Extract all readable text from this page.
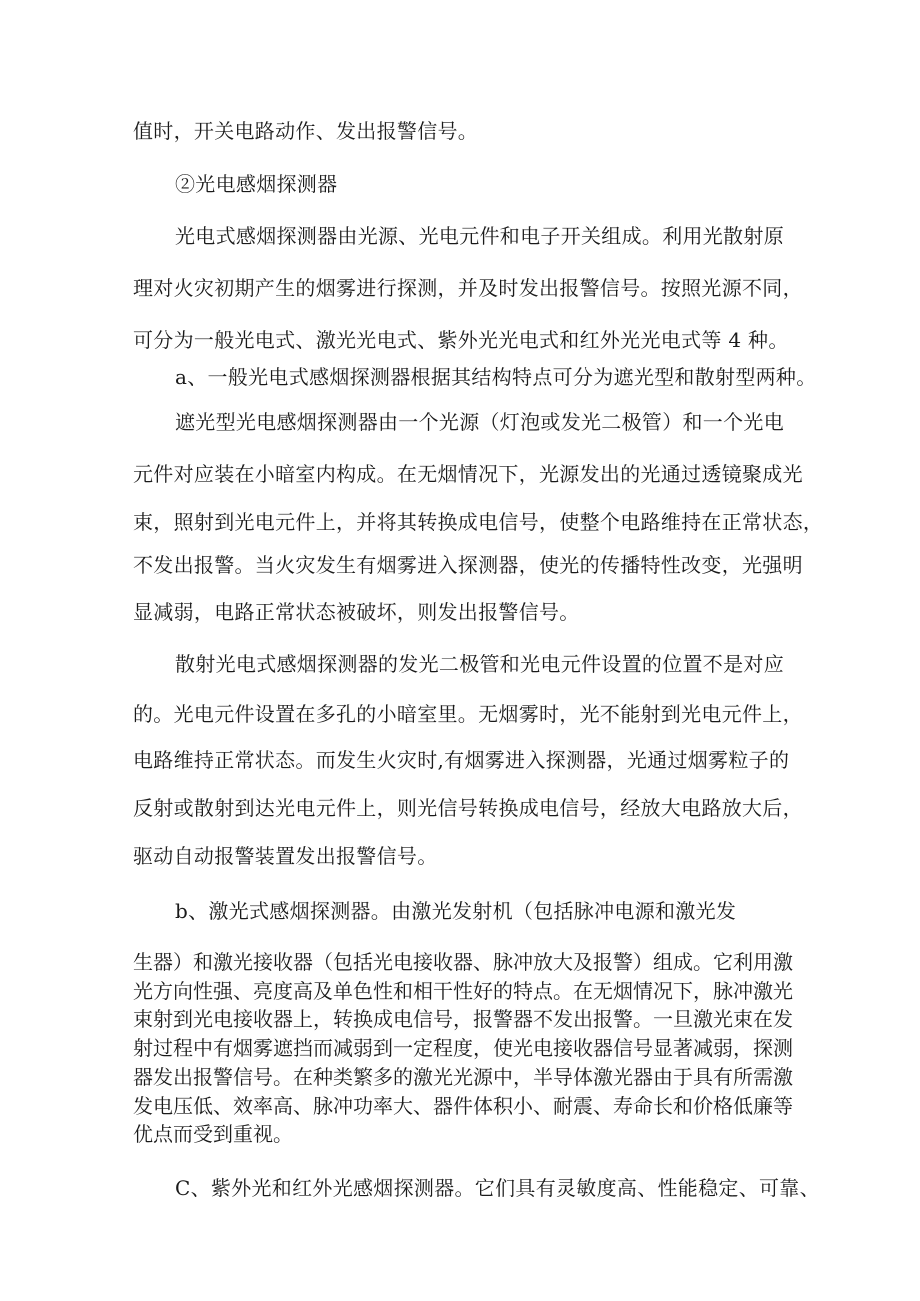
值时，开关电路动作、发出报警信号。
②光电感烟探测器
光电式感烟探测器由光源、光电元件和电子开关组成。利用光散射原
理对火灾初期产生的烟雾进行探测，并及时发出报警信号。按照光源不同，
可分为一般光电式、激光光电式、紫外光光电式和红外光光电式等 4 种。
a、一般光电式感烟探测器根据其结构特点可分为遮光型和散射型两种。
遮光型光电感烟探测器由一个光源（灯泡或发光二极管）和一个光电
元件对应装在小暗室内构成。在无烟情况下，光源发出的光通过透镜聚成光
束，照射到光电元件上，并将其转换成电信号，使整个电路维持在正常状态，
不发出报警。当火灾发生有烟雾进入探测器，使光的传播特性改变，光强明
显减弱，电路正常状态被破坏，则发出报警信号。
散射光电式感烟探测器的发光二极管和光电元件设置的位置不是对应
的。光电元件设置在多孔的小暗室里。无烟雾时，光不能射到光电元件上，
电路维持正常状态。而发生火灾时,有烟雾进入探测器，光通过烟雾粒子的
反射或散射到达光电元件上，则光信号转换成电信号，经放大电路放大后，
驱动自动报警装置发出报警信号。
b、激光式感烟探测器。由激光发射机（包括脉冲电源和激光发
生器）和激光接收器（包括光电接收器、脉冲放大及报警）组成。它利用激
光方向性强、亮度高及单色性和相干性好的特点。在无烟情况下，脉冲激光
束射到光电接收器上，转换成电信号，报警器不发出报警。一旦激光束在发
射过程中有烟雾遮挡而减弱到一定程度，使光电接收器信号显著减弱，探测
器发出报警信号。在种类繁多的激光光源中，半导体激光器由于具有所需激
发电压低、效率高、脉冲功率大、器件体积小、耐震、寿命长和价格低廉等
优点而受到重视。
C、紫外光和红外光感烟探测器。它们具有灵敏度高、性能稳定、可靠、
